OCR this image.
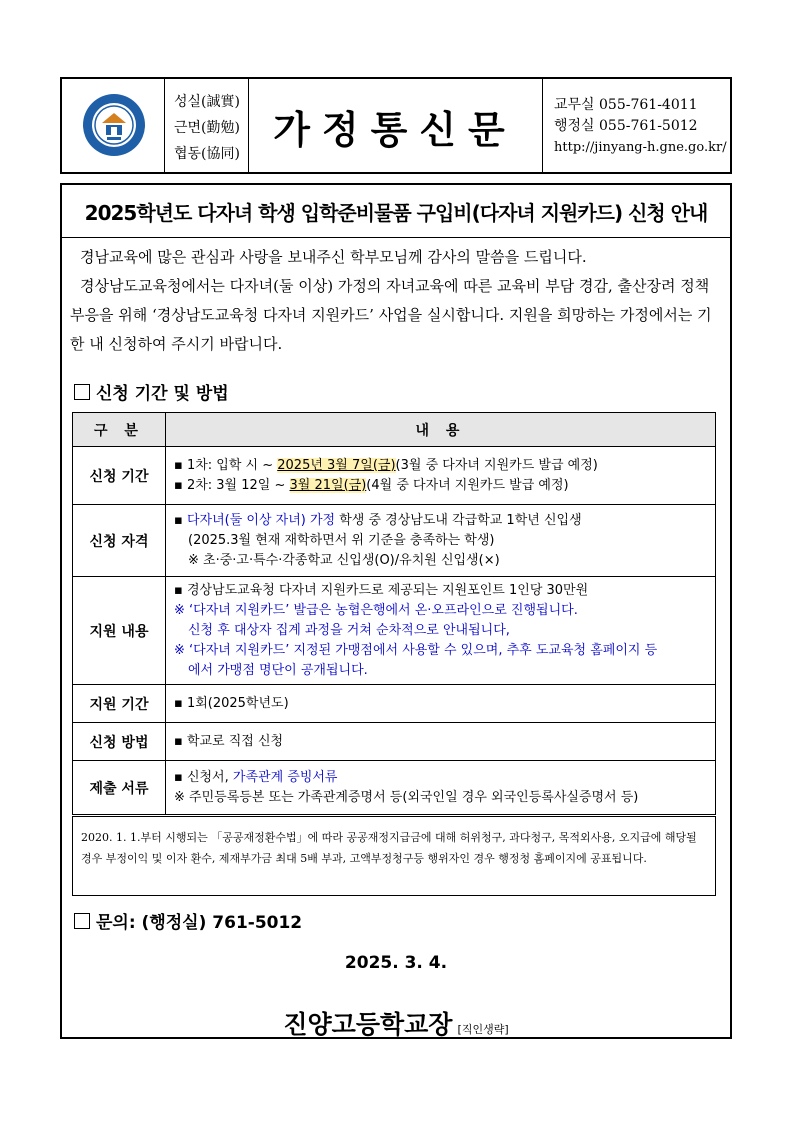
성실(誠實)
근면(勤勉)
협동(協同)
가정통신문
교무실 055-761-4011
행정실 055-761-5012
http://jinyang-h.gne.go.kr/
2025학년도 다자녀 학생 입학준비물품 구입비(다자녀 지원카드) 신청 안내

경남교육에 많은 관심과 사랑을 보내주신 학부모님께 감사의 말씀을 드립니다.

경상남도교육청에서는 다자녀(둘 이상) 가정의 자녀교육에 따른 교육비 부담 경감, 출산장려 정책 부응을 위해 ‘경상남도교육청 다자녀 지원카드’ 사업을 실시합니다. 지원을 희망하는 가정에서는 기한 내 신청하여 주시기 바랍니다.

신청 기간 및 방법
구 분	내 용
신청 기간	▪ 1차: 입학 시 ~ 2025년 3월 7일(금)(3월 중 다자녀 지원카드 발급 예정)
▪ 2차: 3월 12일 ~ 3월 21일(금)(4월 중 다자녀 지원카드 발급 예정)

신청 자격	▪ 다자녀(둘 이상 자녀) 가정 학생 중 경상남도내 각급학교 1학년 신입생
(2025.3월 현재 재학하면서 위 기준을 충족하는 학생)
※ 초·중·고·특수·각종학교 신입생(O)/유치원 신입생(×)

지원 내용	▪ 경상남도교육청 다자녀 지원카드로 제공되는 지원포인트 1인당 30만원
※ ‘다자녀 지원카드’ 발급은 농협은행에서 온·오프라인으로 진행됩니다.
신청 후 대상자 집계 과정을 거쳐 순차적으로 안내됩니다,
※ ‘다자녀 지원카드’ 지정된 가맹점에서 사용할 수 있으며, 추후 도교육청 홈페이지 등
에서 가맹점 명단이 공개됩니다.

지원 기간	▪ 1회(2025학년도)
신청 방법	▪ 학교로 직접 신청
제출 서류	▪ 신청서, 가족관계 증빙서류
※ 주민등록등본 또는 가족관계증명서 등(외국인일 경우 외국인등록사실증명서 등)
2020. 1. 1.부터 시행되는 「공공재정환수법」에 따라 공공재정지급금에 대해 허위청구, 과다청구, 목적외사용, 오지급에 해당될 경우 부정이익 및 이자 환수, 제재부가금 최대 5배 부과, 고액부정청구등 행위자인 경우 행정청 홈페이지에 공표됩니다.
문의: (행정실) 761-5012
2025. 3. 4.
진양고등학교장 [직인생략]
